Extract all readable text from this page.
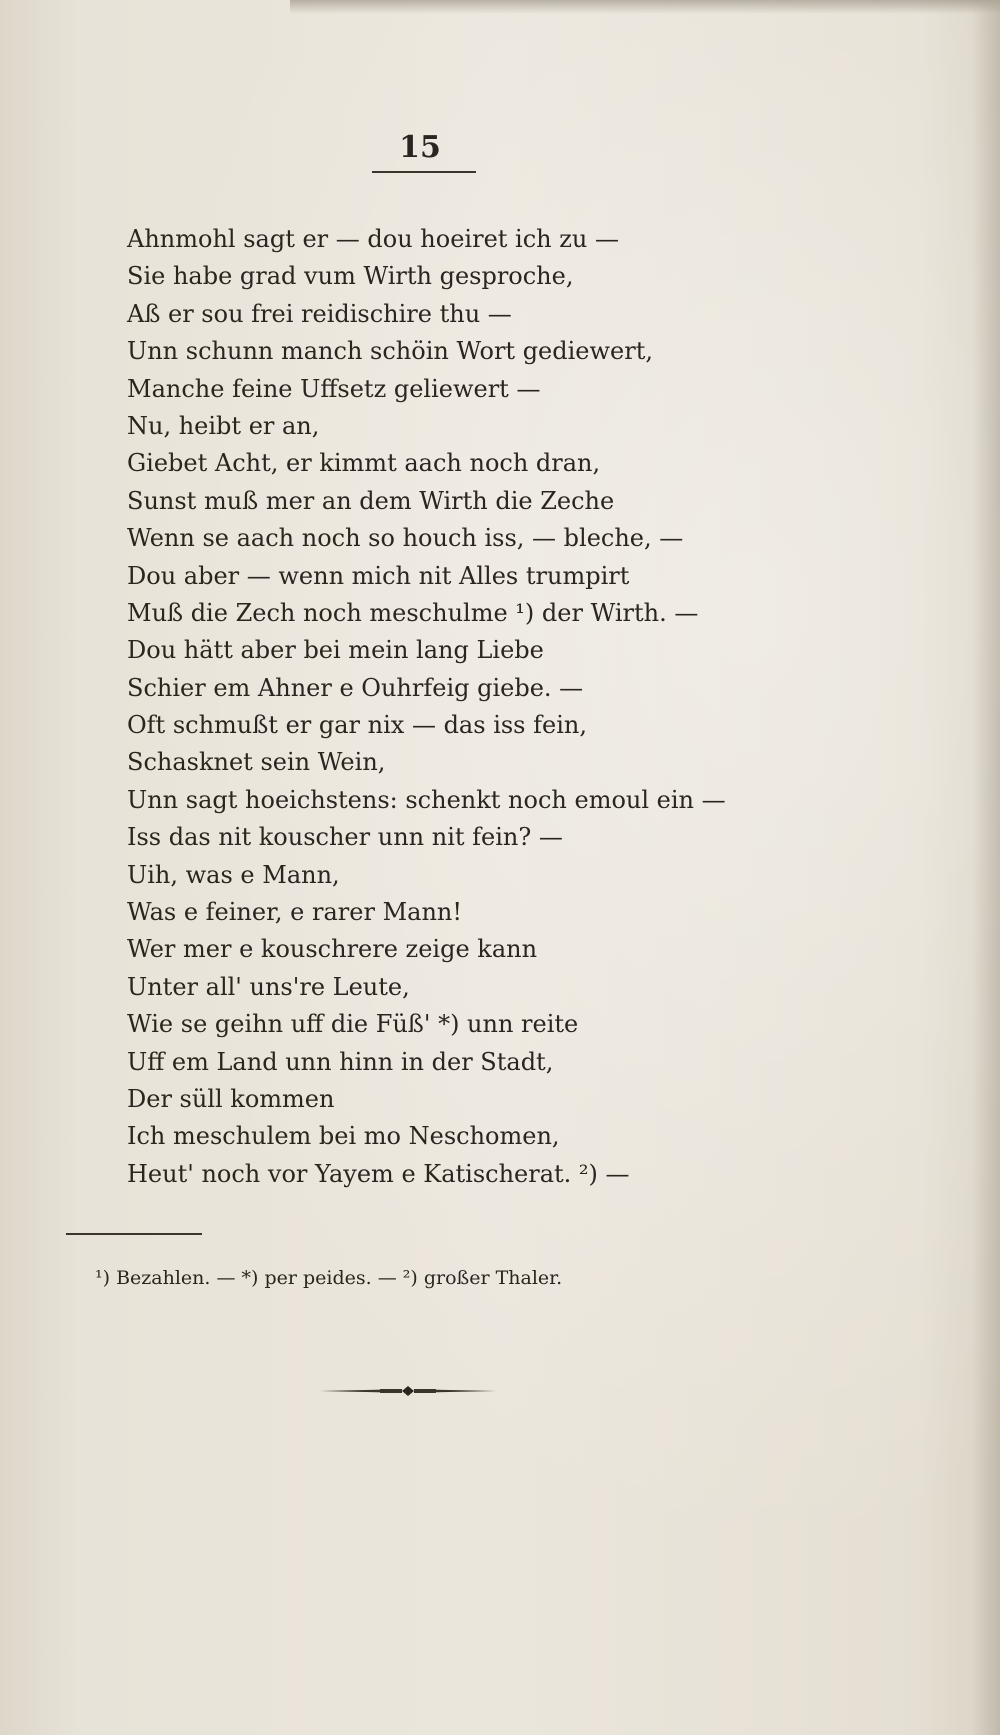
15
Ahnmohl sagt er — dou hoeiret ich zu —
Sie habe grad vum Wirth gesproche,
Aß er sou frei reidischire thu —
Unn schunn manch schöin Wort gediewert,
Manche feine Uffsetz geliewert —
Nu, heibt er an,
Giebet Acht, er kimmt aach noch dran,
Sunst muß mer an dem Wirth die Zeche
Wenn se aach noch so houch iss, — bleche, —
Dou aber — wenn mich nit Alles trumpirt
Muß die Zech noch meschulme ¹) der Wirth. —
Dou hätt aber bei mein lang Liebe
Schier em Ahner e Ouhrfeig giebe. —
Oft schmußt er gar nix — das iss fein,
Schasknet sein Wein,
Unn sagt hoeichstens: schenkt noch emoul ein —
Iss das nit kouscher unn nit fein? —
Uih, was e Mann,
Was e feiner, e rarer Mann!
Wer mer e kouschrere zeige kann
Unter all' uns're Leute,
Wie se geihn uff die Füß' *) unn reite
Uff em Land unn hinn in der Stadt,
Der süll kommen
Ich meschulem bei mo Neschomen,
Heut' noch vor Yayem e Katischerat. ²) —
¹) Bezahlen. — *) per peides. — ²) großer Thaler.
